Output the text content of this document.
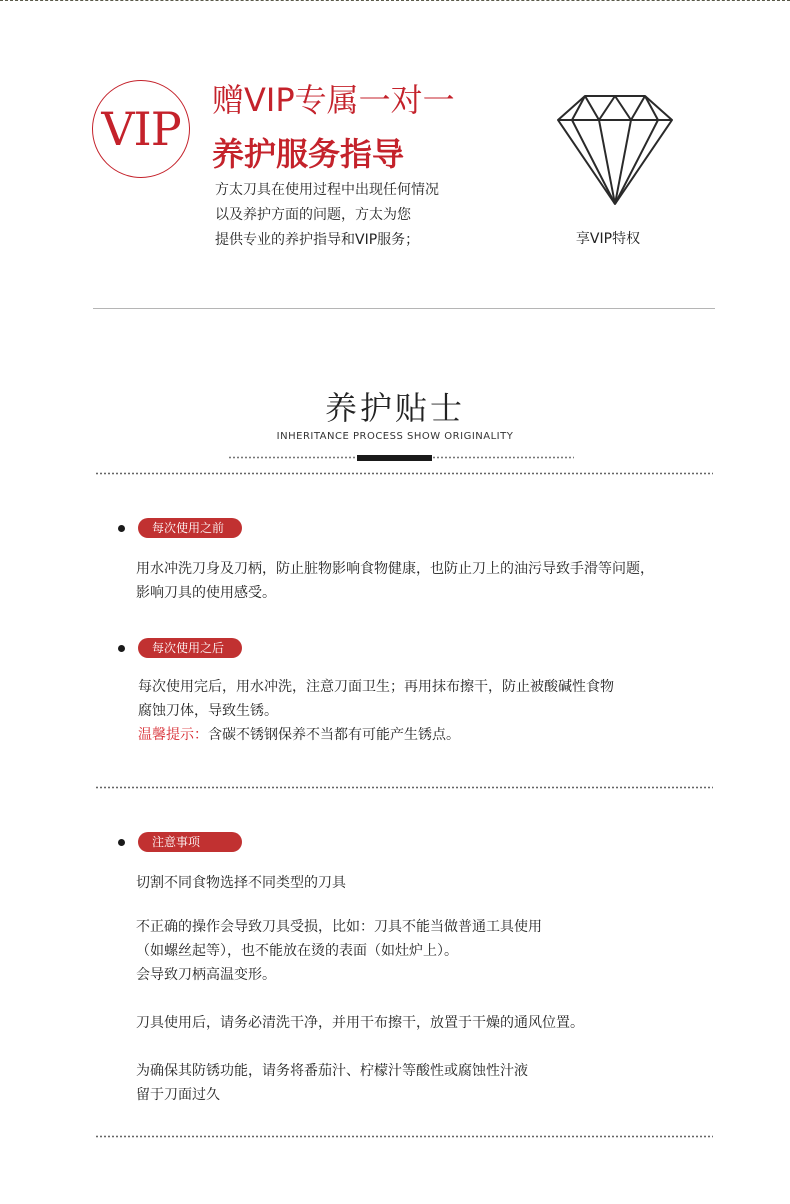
VIP
赠VIP专属一对一
养护服务指导
方太刀具在使用过程中出现任何情况
以及养护方面的问题，方太为您
提供专业的养护指导和VIP服务；	享VIP特权
养护贴士
INHERITANCE PROCESS SHOW ORIGINALITY
每次使用之前
用水冲洗刀身及刀柄，防止脏物影响食物健康，也防止刀上的油污导致手滑等问题，
影响刀具的使用感受。
每次使用之后
每次使用完后，用水冲洗，注意刀面卫生；再用抹布擦干，防止被酸碱性食物
腐蚀刀体，导致生锈。
温馨提示：含碳不锈钢保养不当都有可能产生锈点。
注意事项
切割不同食物选择不同类型的刀具
不正确的操作会导致刀具受损，比如：刀具不能当做普通工具使用
（如螺丝起等），也不能放在烫的表面（如灶炉上）。
会导致刀柄高温变形。
刀具使用后，请务必清洗干净，并用干布擦干，放置于干燥的通风位置。
为确保其防锈功能，请务将番茄汁、柠檬汁等酸性或腐蚀性汁液
留于刀面过久
